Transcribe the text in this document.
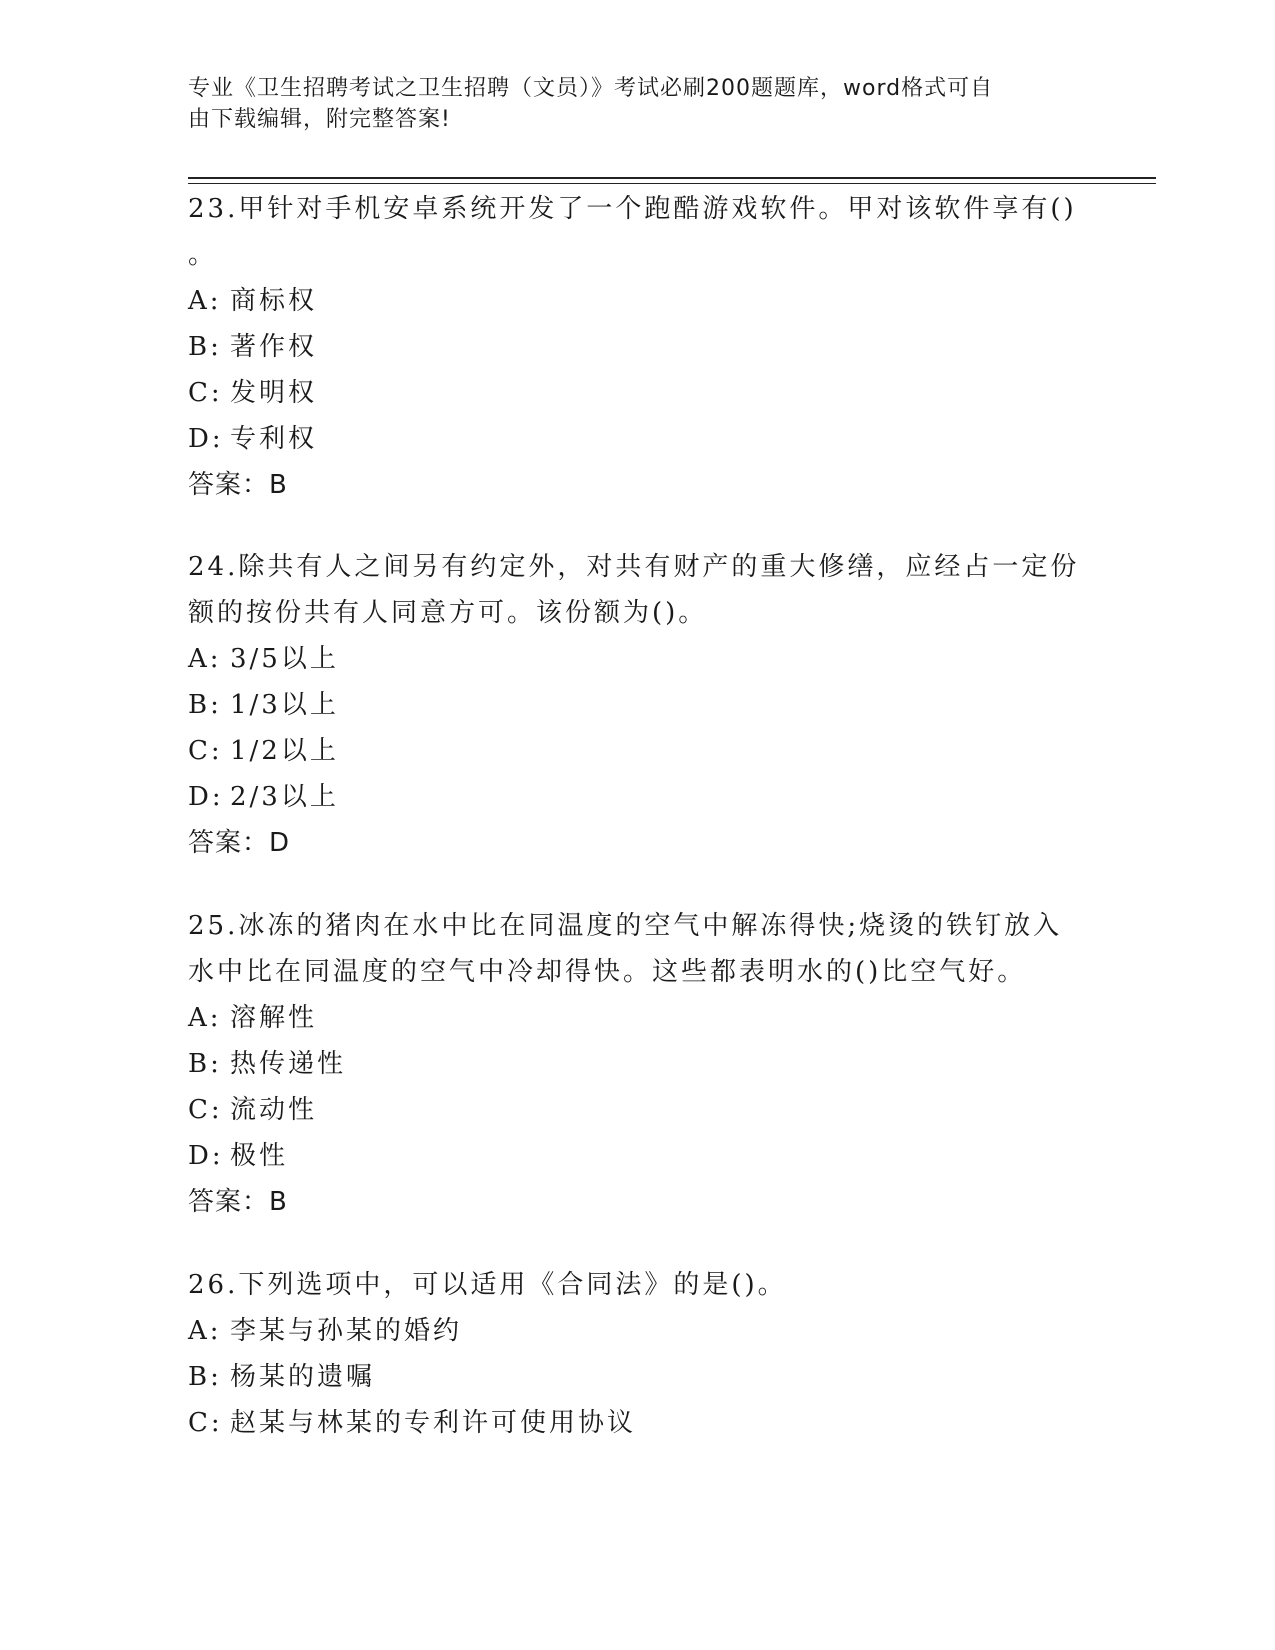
专业《卫生招聘考试之卫生招聘（文员）》考试必刷200题题库，word格式可自
由下载编辑，附完整答案!
23.甲针对手机安卓系统开发了一个跑酷游戏软件。甲对该软件享有()
。
A: 商标权
B: 著作权
C: 发明权
D: 专利权
答案：B
24.除共有人之间另有约定外，对共有财产的重大修缮，应经占一定份
额的按份共有人同意方可。该份额为()。
A: 3/5以上
B: 1/3以上
C: 1/2以上
D: 2/3以上
答案：D
25.冰冻的猪肉在水中比在同温度的空气中解冻得快;烧烫的铁钉放入
水中比在同温度的空气中冷却得快。这些都表明水的()比空气好。
A: 溶解性
B: 热传递性
C: 流动性
D: 极性
答案：B
26.下列选项中，可以适用《合同法》的是()。
A: 李某与孙某的婚约
B: 杨某的遗嘱
C: 赵某与林某的专利许可使用协议
